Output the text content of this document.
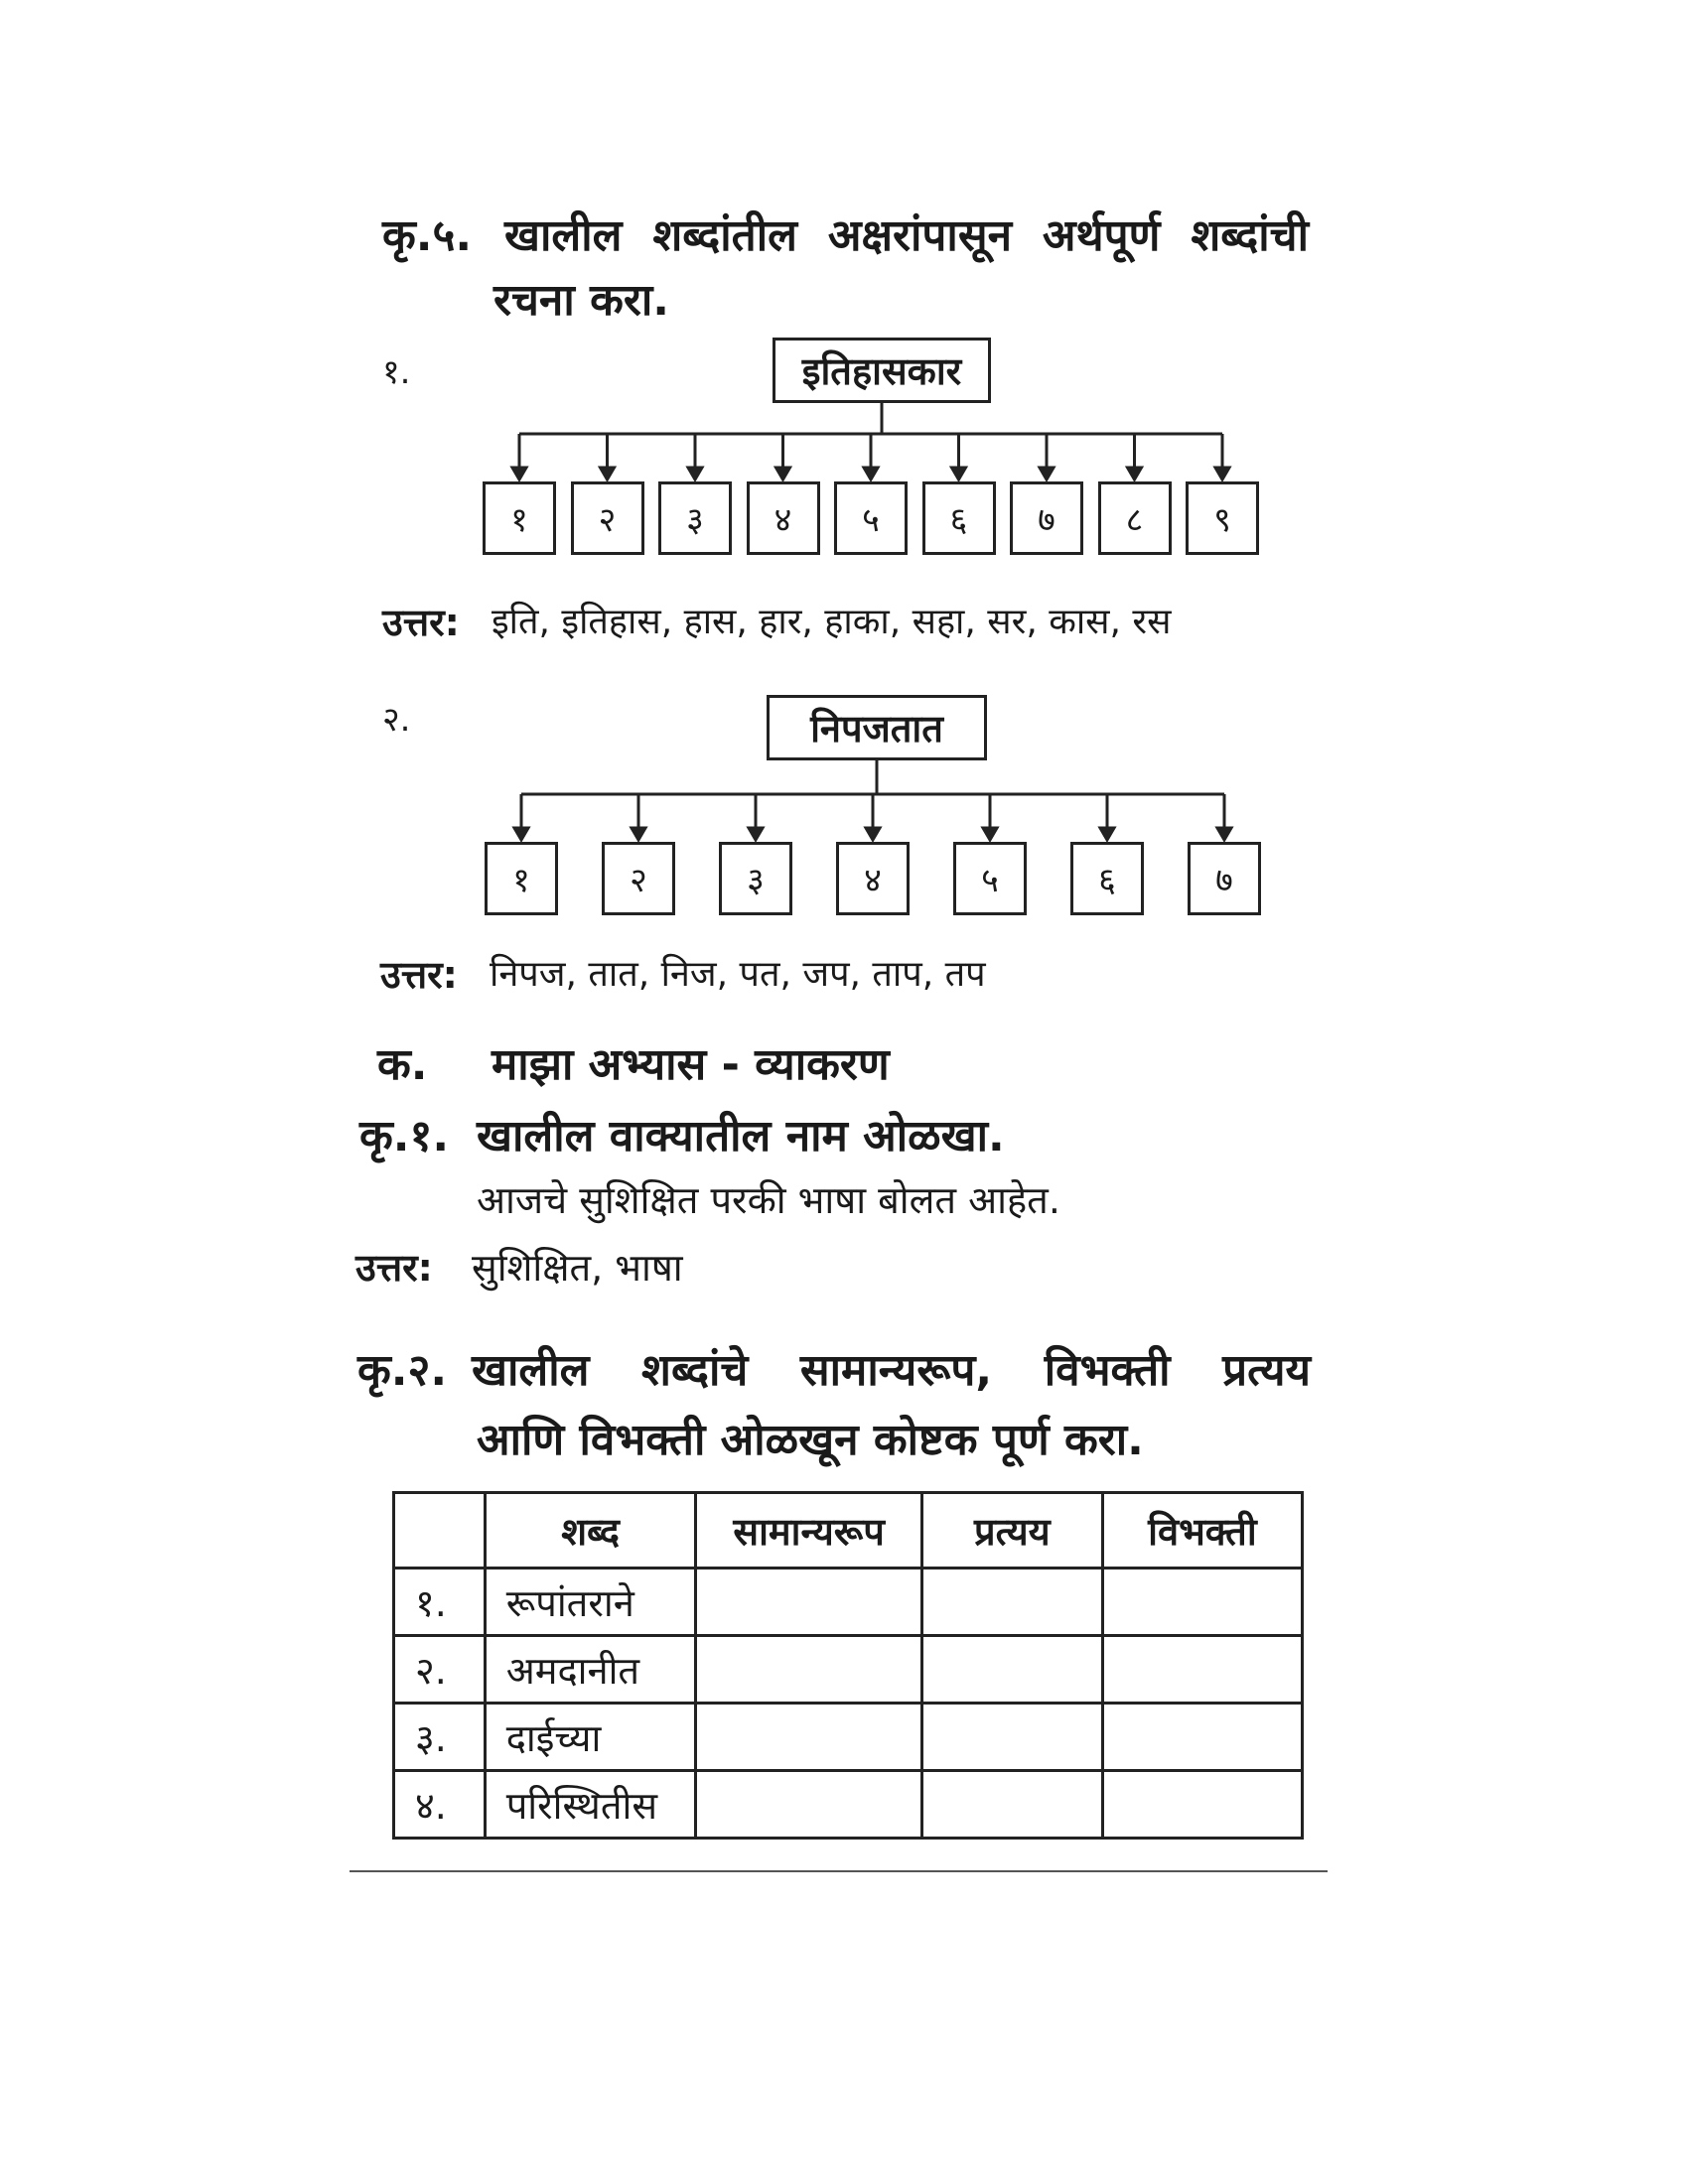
कृ.५. खालील शब्दांतील अक्षरांपासून अर्थपूर्ण शब्दांची
रचना करा.
१.	इतिहासकार
१	२	३	४	५	६	७	८	९
उत्तर: इति, इतिहास, हास, हार, हाका, सहा, सर, कास, रस
२.	निपजतात
१	२	३	४	५	६	७
उत्तर: निपज, तात, निज, पत, जप, ताप, तप
क. माझा अभ्यास - व्याकरण
कृ.१. खालील वाक्यातील नाम ओळखा.
आजचे सुशिक्षित परकी भाषा बोलत आहेत.
उत्तर: सुशिक्षित, भाषा
कृ.२. खालील शब्दांचे सामान्यरूप, विभक्ती प्रत्यय
आणि विभक्ती ओळखून कोष्टक पूर्ण करा.
	शब्द	सामान्यरूप	प्रत्यय	विभक्ती
१.	रूपांतराने			
२.	अमदानीत			
३.	दाईच्या			
४.	परिस्थितीस			
